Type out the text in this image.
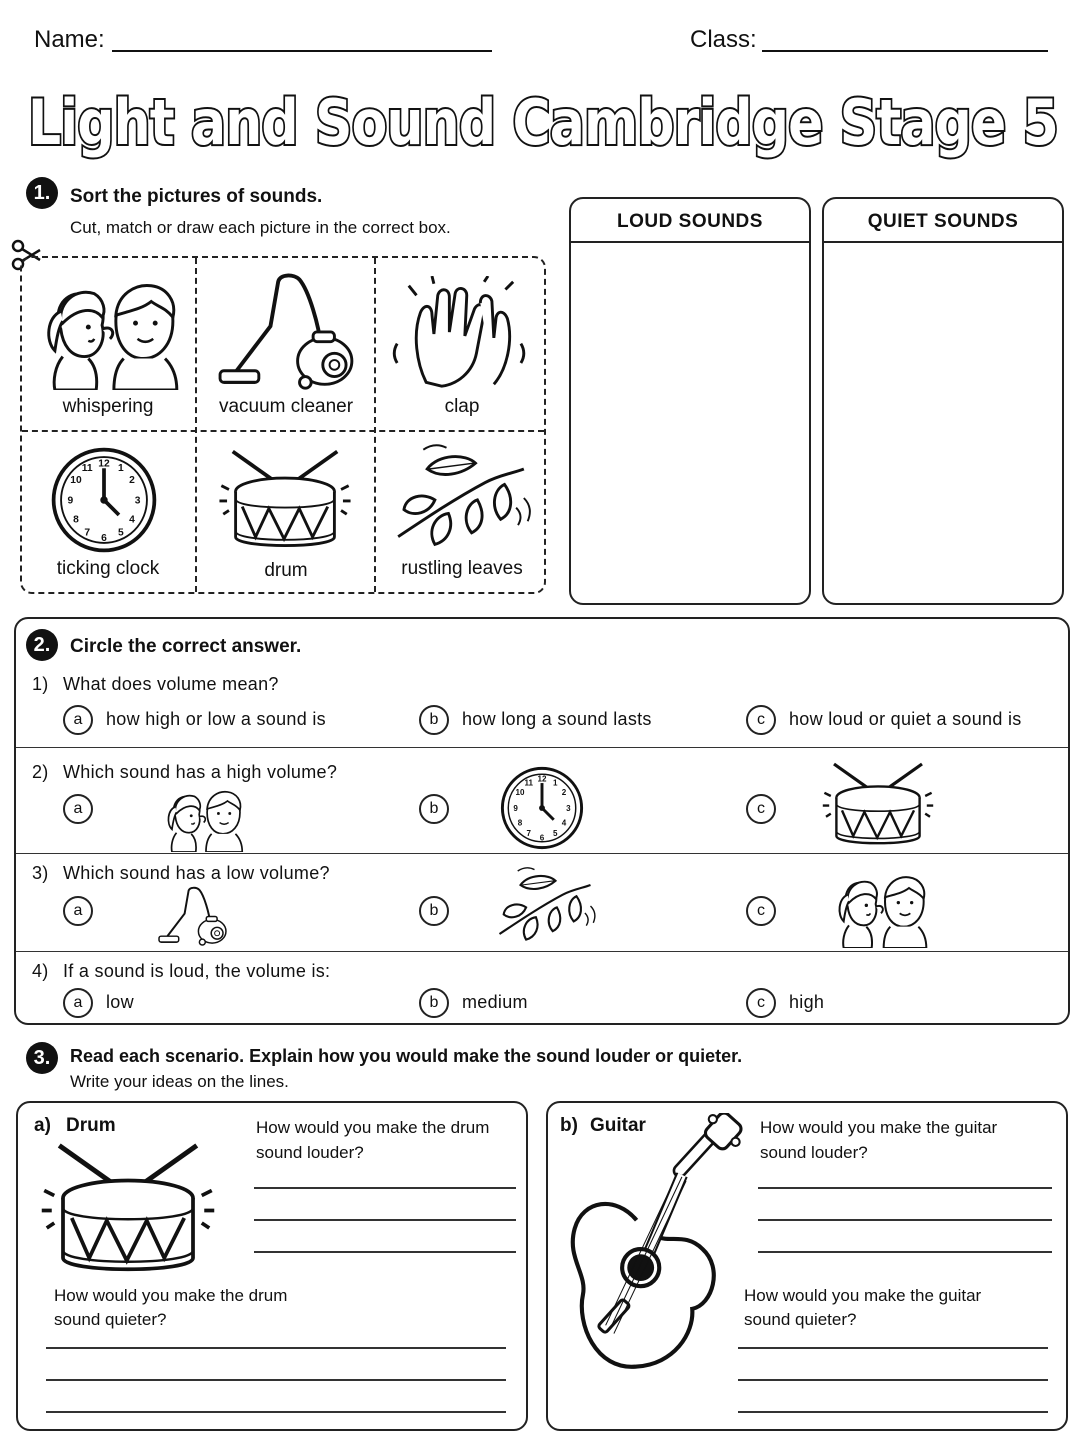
Name:	Class:
Light and Sound Cambridge Stage 5
1.	Sort the pictures of sounds.
Cut, match or draw each picture in the correct box.
whispering	vacuum cleaner	clap
ticking clock	drum	rustling leaves
LOUD SOUNDS	QUIET SOUNDS
2.	Circle the correct answer.
1) What does volume mean?
a	how high or low a sound is	b	how long a sound lasts	c	how loud or quiet a sound is
2) Which sound has a high volume?
a	b	c
3) Which sound has a low volume?
a	b	c
4) If a sound is loud, the volume is:
a	low	b	medium	c	high
3.	Read each scenario. Explain how you would make the sound louder or quieter.
Write your ideas on the lines.
a) Drum	How would you make the drum
sound louder?
How would you make the drum
sound quieter?
b) Guitar	How would you make the guitar
sound louder?
How would you make the guitar
sound quieter?
